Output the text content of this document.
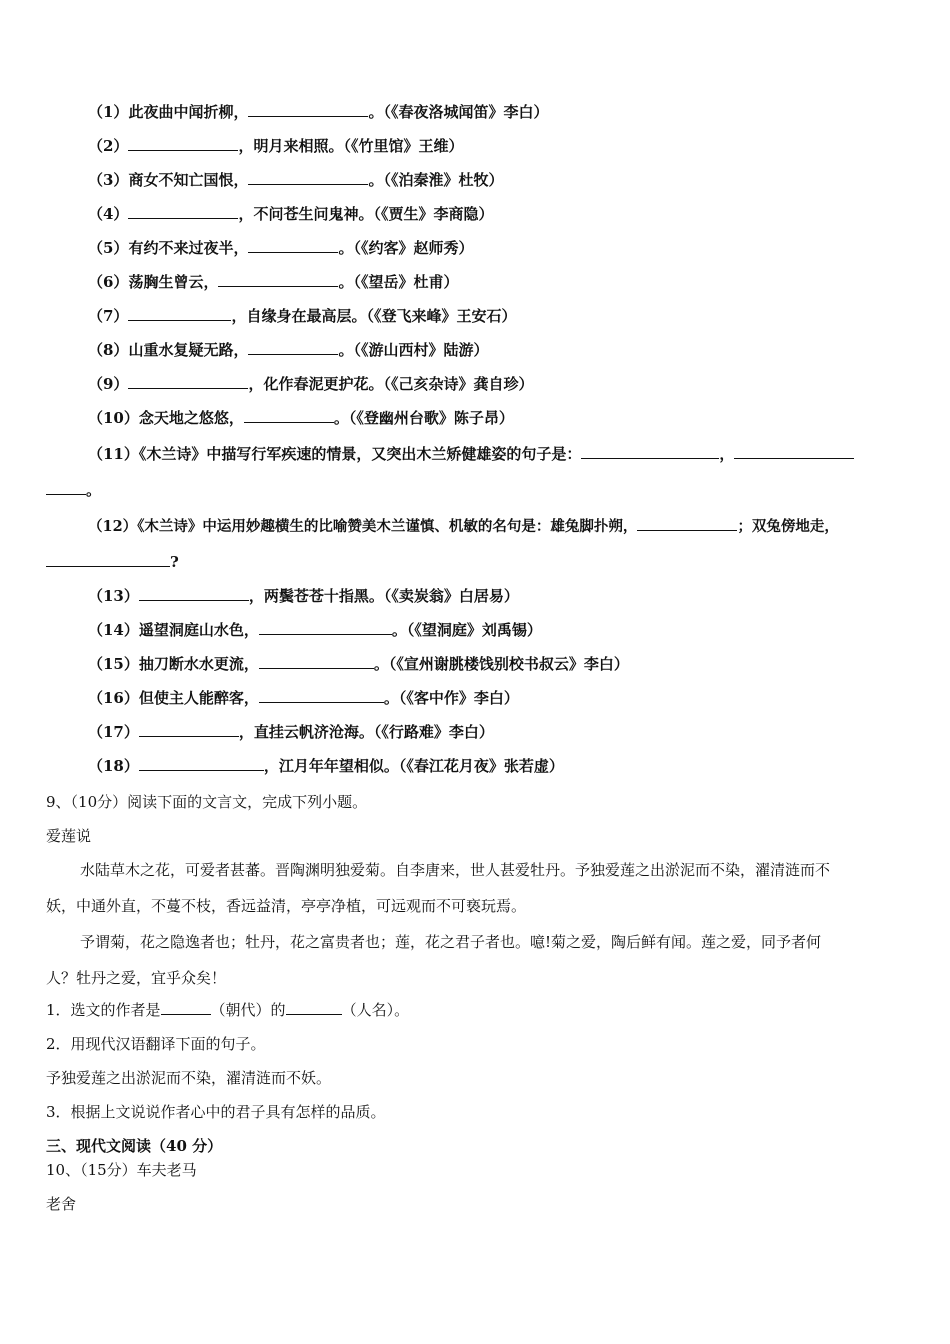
（1）此夜曲中闻折柳，	。（《春夜洛城闻笛》李白）
（2）	，明月来相照。（《竹里馆》王维）
（3）商女不知亡国恨，	。（《泊秦淮》杜牧）
（4）	，不问苍生问鬼神。（《贾生》李商隐）
（5）有约不来过夜半，	。（《约客》赵师秀）
（6）荡胸生曾云，	。（《望岳》杜甫）
（7）	，自缘身在最高层。（《登飞来峰》王安石）
（8）山重水复疑无路，	。（《游山西村》陆游）
（9）	，化作春泥更护花。（《己亥杂诗》龚自珍）
（10）念天地之悠悠，	。（《登幽州台歌》陈子昂）
（11）《木兰诗》中描写行军疾速的情景，又突出木兰矫健雄姿的句子是：	，
。
（12）《木兰诗》中运用妙趣横生的比喻赞美木兰谨慎、机敏的名句是：雄兔脚扑朔，	；双兔傍地走，
?
（13）	，两鬓苍苍十指黑。（《卖炭翁》白居易）
（14）遥望洞庭山水色，	。（《望洞庭》刘禹锡）
（15）抽刀断水水更流，	。（《宣州谢朓楼饯别校书叔云》李白）
（16）但使主人能醉客，	。（《客中作》李白）
（17）	，直挂云帆济沧海。（《行路难》李白）
（18）	，江月年年望相似。（《春江花月夜》张若虚）
9、（10分）阅读下面的文言文，完成下列小题。
爱莲说
水陆草木之花，可爱者甚蕃。晋陶渊明独爱菊。自李唐来，世人甚爱牡丹。予独爱莲之出淤泥而不染，濯清涟而不
妖，中通外直，不蔓不枝，香远益清，亭亭净植，可远观而不可亵玩焉。
予谓菊，花之隐逸者也；牡丹，花之富贵者也；莲，花之君子者也。噫!菊之爱，陶后鲜有闻。莲之爱，同予者何
人？牡丹之爱，宜乎众矣！
1．选文的作者是	（朝代）的	（人名）。
2．用现代汉语翻译下面的句子。
予独爱莲之出淤泥而不染，濯清涟而不妖。
3．根据上文说说作者心中的君子具有怎样的品质。
三、现代文阅读（40 分）
10、（15分）车夫老马
老舍
